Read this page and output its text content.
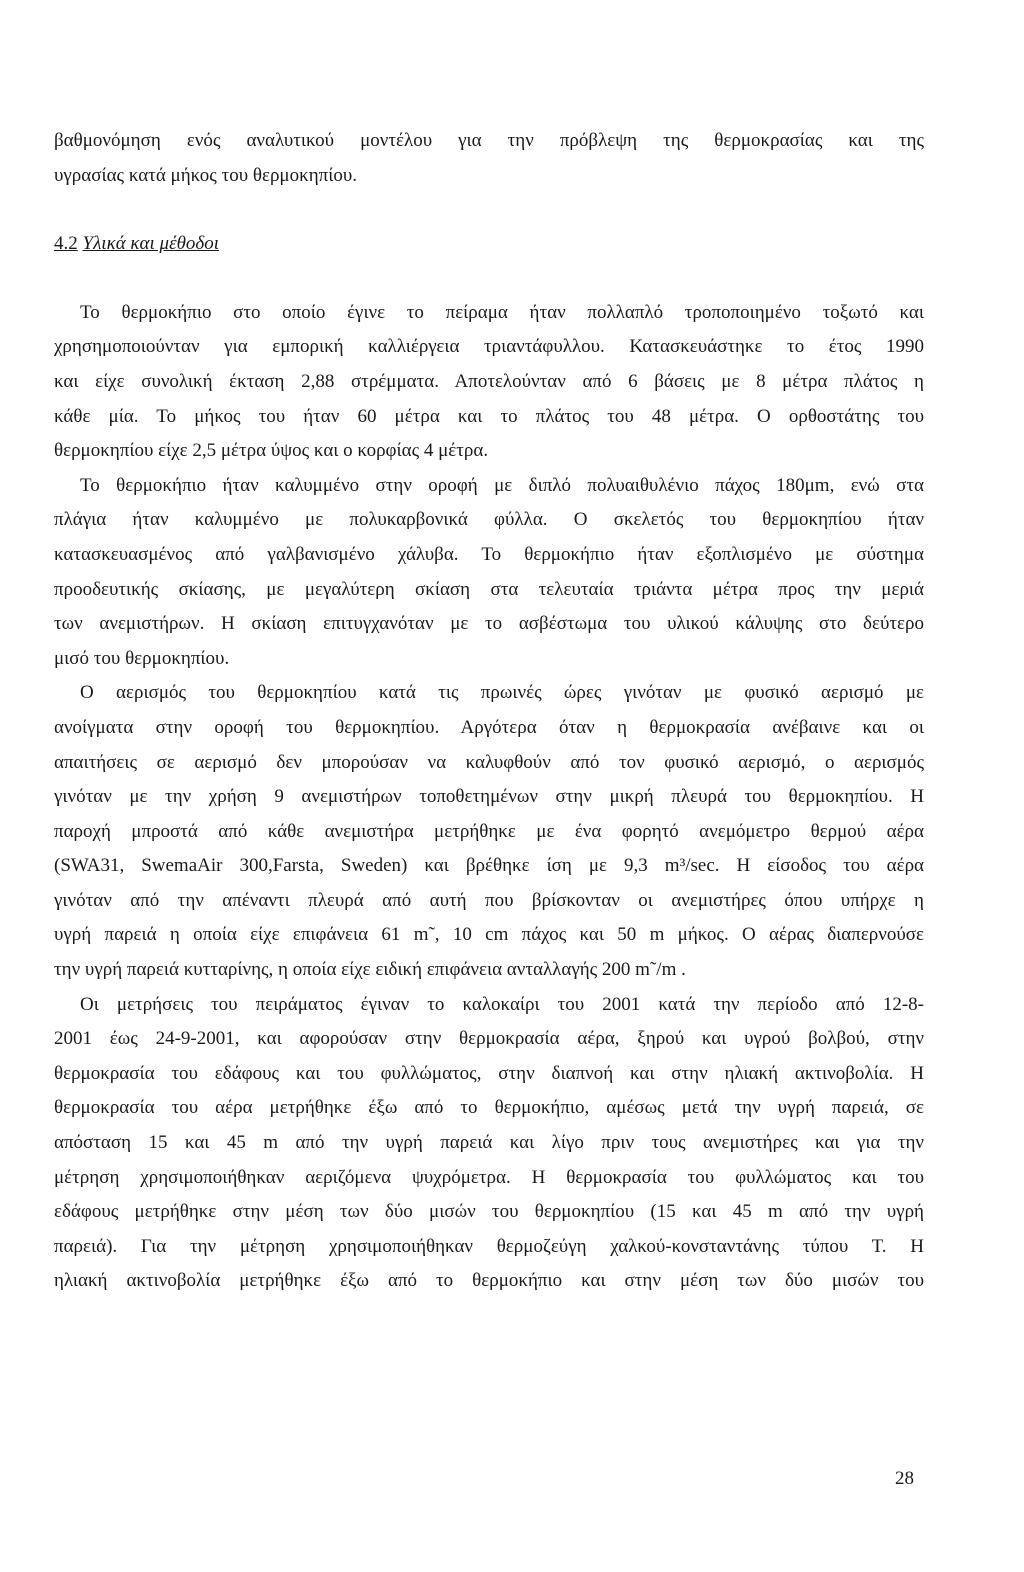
βαθμονόμηση ενός αναλυτικού μοντέλου για την πρόβλεψη της θερμοκρασίας και της
υγρασίας κατά μήκος του θερμοκηπίου.
4.2 Υλικά και μέθοδοι
Το θερμοκήπιο στο οποίο έγινε το πείραμα ήταν πολλαπλό τροποποιημένο τοξωτό και
χρησημοποιούνταν για εμπορική καλλιέργεια τριαντάφυλλου. Κατασκευάστηκε το έτος 1990
και είχε συνολική έκταση 2,88 στρέμματα. Αποτελούνταν από 6 βάσεις με 8 μέτρα πλάτος η
κάθε μία. Το μήκος του ήταν 60 μέτρα και το πλάτος του 48 μέτρα. Ο ορθοστάτης του
θερμοκηπίου είχε 2,5 μέτρα ύψος και ο κορφίας 4 μέτρα.
Το θερμοκήπιο ήταν καλυμμένο στην οροφή με διπλό πολυαιθυλένιο πάχος 180μm, ενώ στα
πλάγια ήταν καλυμμένο με πολυκαρβονικά φύλλα. Ο σκελετός του θερμοκηπίου ήταν
κατασκευασμένος από γαλβανισμένο χάλυβα. Το θερμοκήπιο ήταν εξοπλισμένο με σύστημα
προοδευτικής σκίασης, με μεγαλύτερη σκίαση στα τελευταία τριάντα μέτρα προς την μεριά
των ανεμιστήρων. Η σκίαση επιτυγχανόταν με το ασβέστωμα του υλικού κάλυψης στο δεύτερο
μισό του θερμοκηπίου.
Ο αερισμός του θερμοκηπίου κατά τις πρωινές ώρες γινόταν με φυσικό αερισμό με
ανοίγματα στην οροφή του θερμοκηπίου. Αργότερα όταν η θερμοκρασία ανέβαινε και οι
απαιτήσεις σε αερισμό δεν μπορούσαν να καλυφθούν από τον φυσικό αερισμό, ο αερισμός
γινόταν με την χρήση 9 ανεμιστήρων τοποθετημένων στην μικρή πλευρά του θερμοκηπίου. Η
παροχή μπροστά από κάθε ανεμιστήρα μετρήθηκε με ένα φορητό ανεμόμετρο θερμού αέρα
(SWA31, SwemaAir 300,Farsta, Sweden) και βρέθηκε ίση με 9,3 m³/sec. Η είσοδος του αέρα
γινόταν από την απέναντι πλευρά από αυτή που βρίσκονταν οι ανεμιστήρες όπου υπήρχε η
υγρή παρειά η οποία είχε επιφάνεια 61 m˜, 10 cm πάχος και 50 m μήκος. Ο αέρας διαπερνούσε
την υγρή παρειά κυτταρίνης, η οποία είχε ειδική επιφάνεια ανταλλαγής 200 m˜/m .
Οι μετρήσεις του πειράματος έγιναν το καλοκαίρι του 2001 κατά την περίοδο από 12-8-
2001 έως 24-9-2001, και αφορούσαν στην θερμοκρασία αέρα, ξηρού και υγρού βολβού, στην
θερμοκρασία του εδάφους και του φυλλώματος, στην διαπνοή και στην ηλιακή ακτινοβολία. Η
θερμοκρασία του αέρα μετρήθηκε έξω από το θερμοκήπιο, αμέσως μετά την υγρή παρειά, σε
απόσταση 15 και 45 m από την υγρή παρειά και λίγο πριν τους ανεμιστήρες και για την
μέτρηση χρησιμοποιήθηκαν αεριζόμενα ψυχρόμετρα. Η θερμοκρασία του φυλλώματος και του
εδάφους μετρήθηκε στην μέση των δύο μισών του θερμοκηπίου (15 και 45 m από την υγρή
παρειά). Για την μέτρηση χρησιμοποιήθηκαν θερμοζεύγη χαλκού-κονσταντάνης τύπου Τ. Η
ηλιακή ακτινοβολία μετρήθηκε έξω από το θερμοκήπιο και στην μέση των δύο μισών του
28
